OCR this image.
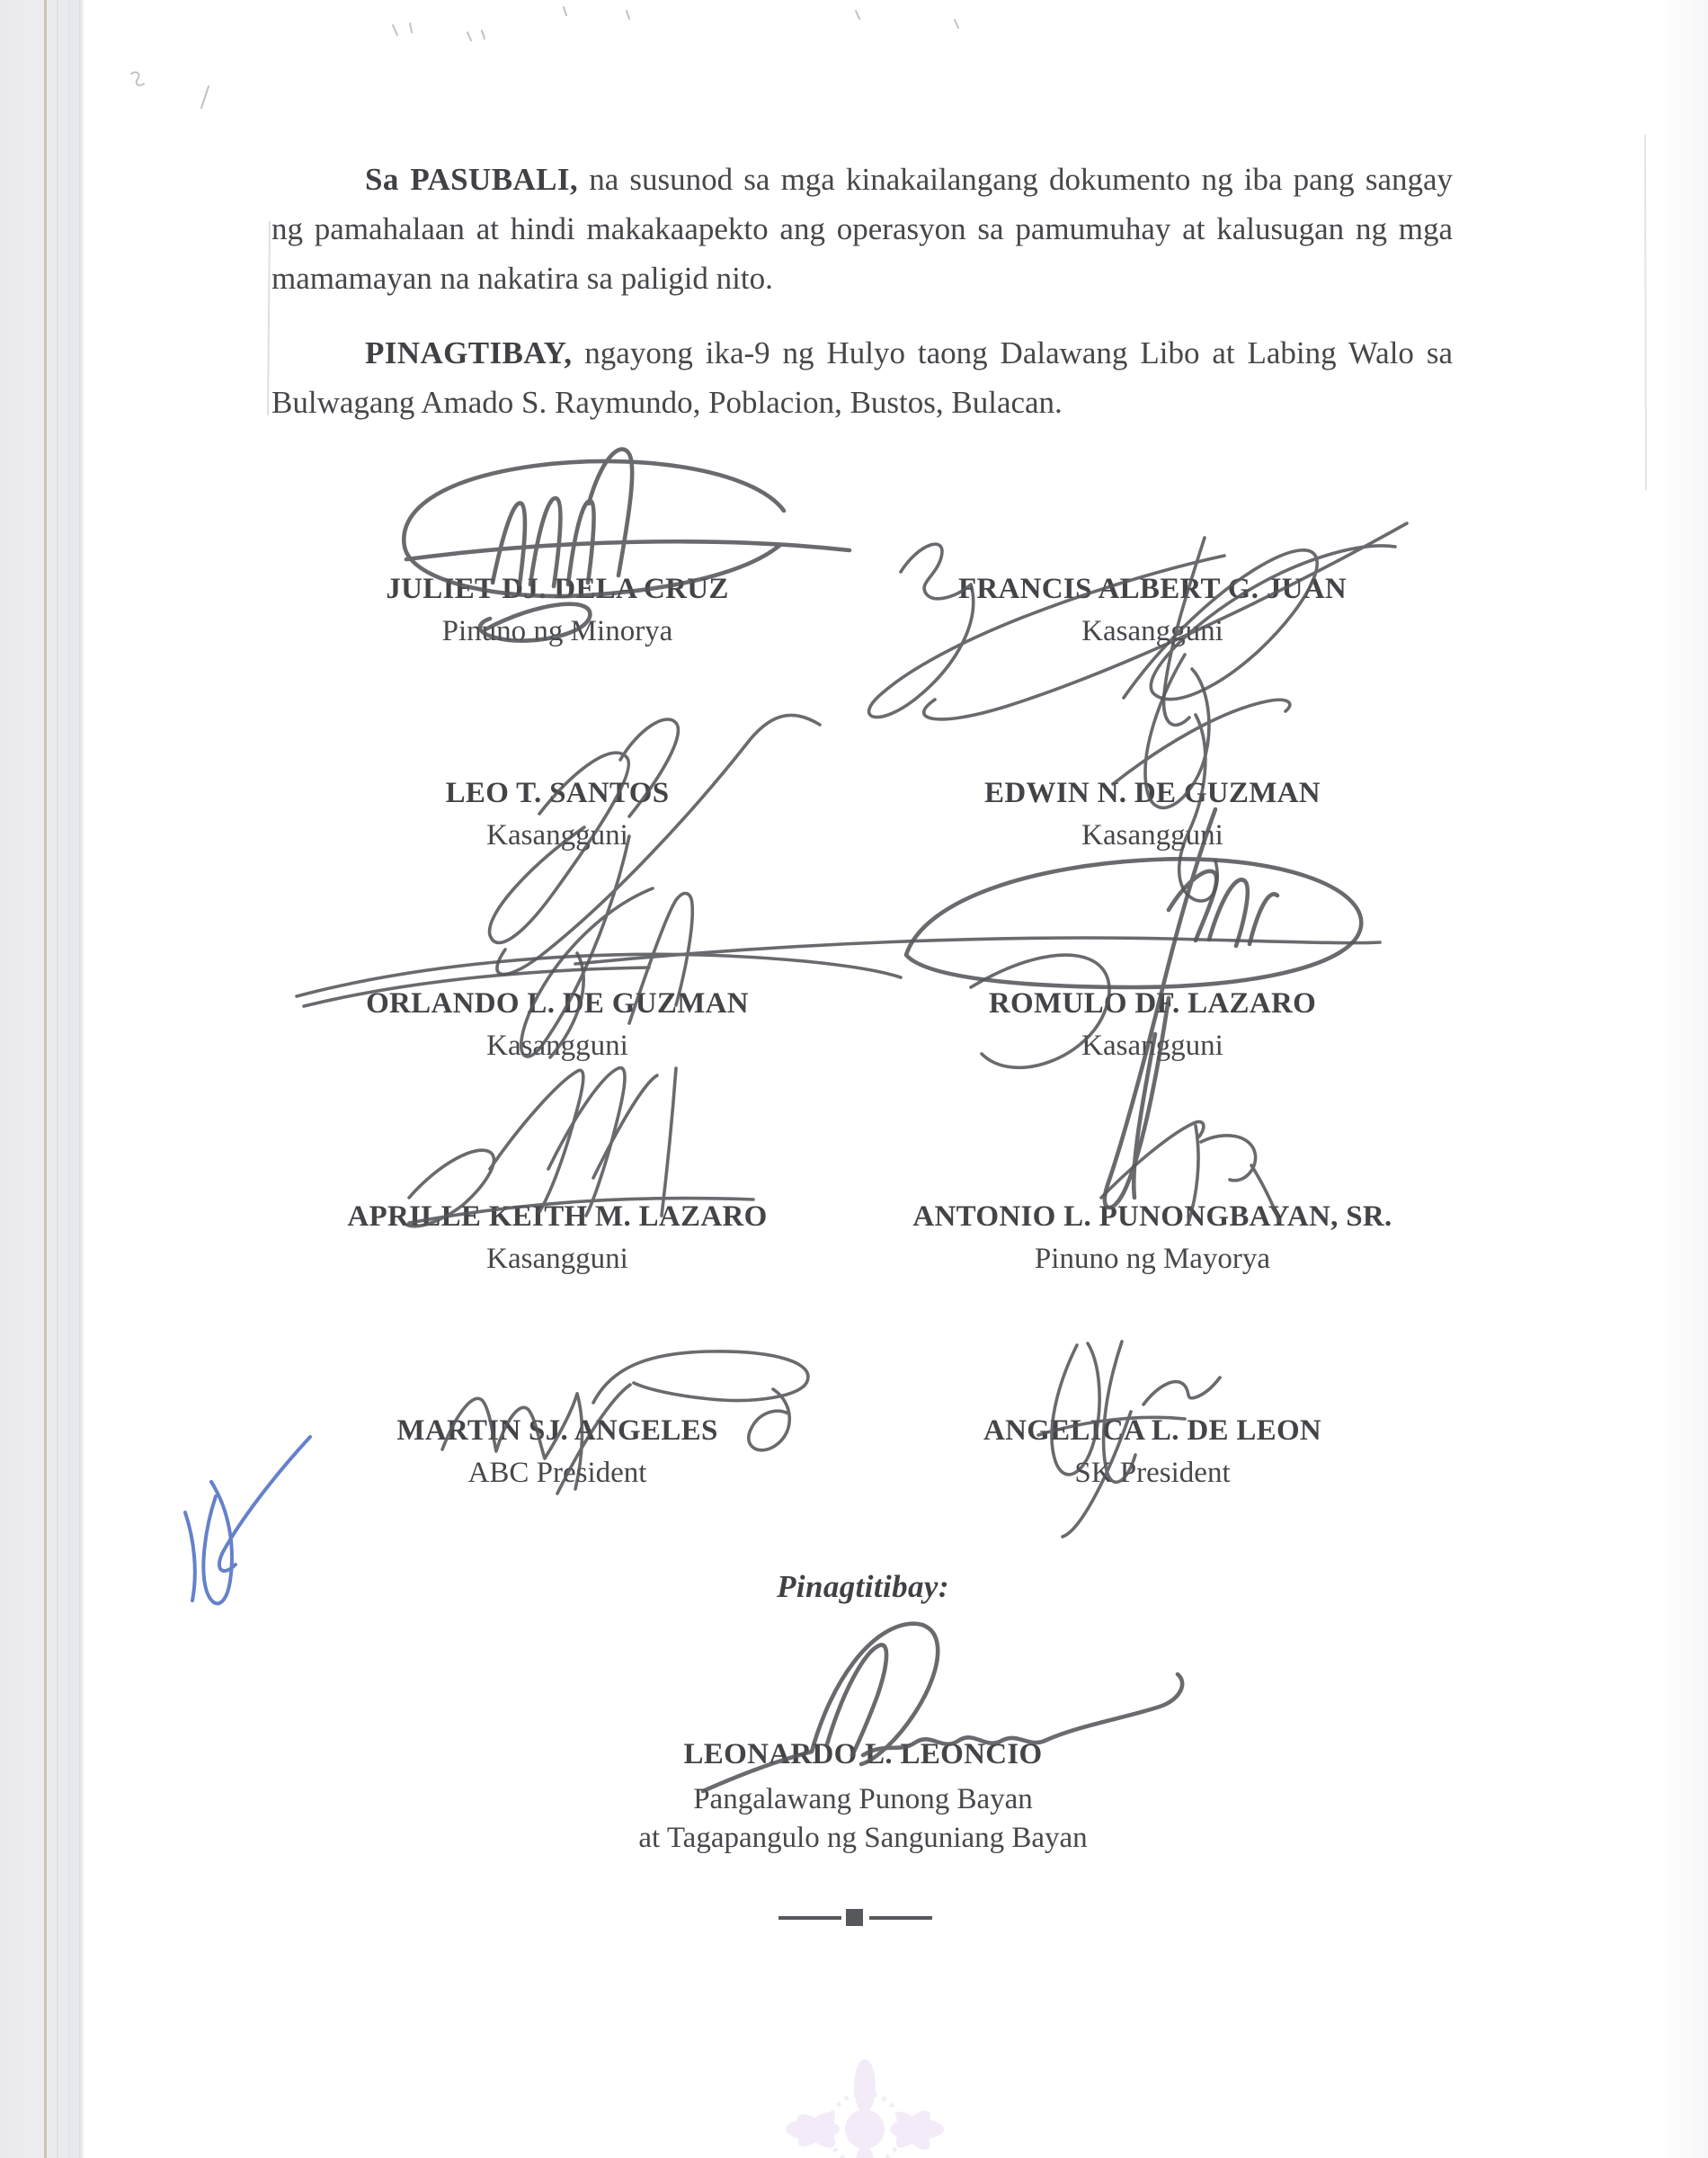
Sa PASUBALI, na susunod sa mga kinakailangang dokumento ng iba pang sangay ng pamahalaan at hindi makakaapekto ang operasyon sa pamumuhay at kalusugan ng mga mamamayan na nakatira sa paligid nito.

PINAGTIBAY, ngayong ika-9 ng Hulyo taong Dalawang Libo at Labing Walo sa Bulwagang Amado S. Raymundo, Poblacion, Bustos, Bulacan.

JULIET DJ. DELA CRUZ
Pinuno ng Minorya
FRANCIS ALBERT G. JUAN
Kasangguni
LEO T. SANTOS
Kasangguni
EDWIN N. DE GUZMAN
Kasangguni
ORLANDO L. DE GUZMAN
Kasangguni
ROMULO DF. LAZARO
Kasangguni
APRILLE KEITH M. LAZARO
Kasangguni
ANTONIO L. PUNONGBAYAN, SR.
Pinuno ng Mayorya
MARTIN SJ. ANGELES
ABC President
ANGELICA L. DE LEON
SK President
Pinagtitibay:
LEONARDO L. LEONCIO
Pangalawang Punong Bayan
at Tagapangulo ng Sanguniang Bayan
